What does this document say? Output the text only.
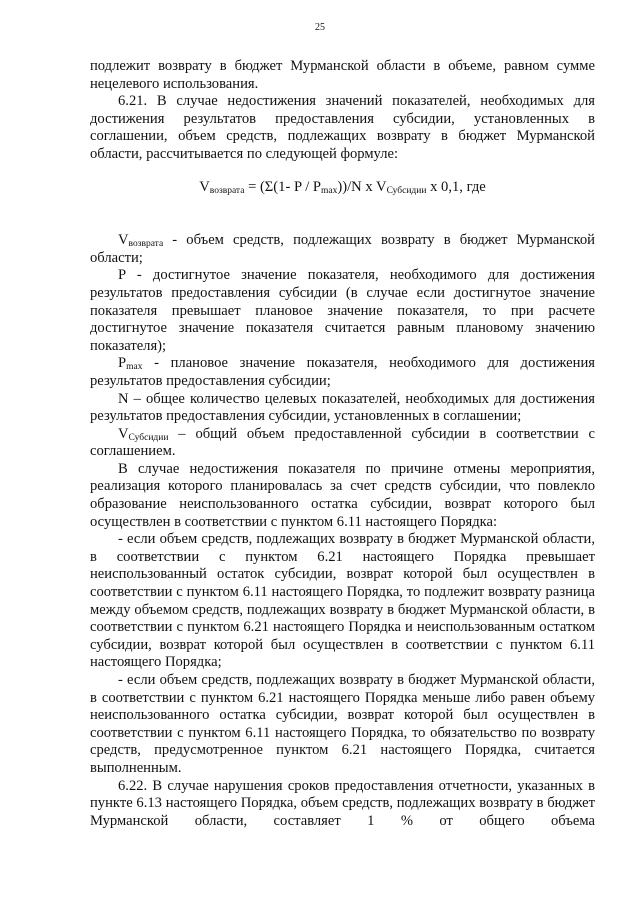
25

подлежит возврату в бюджет Мурманской области в объеме, равном сумме нецелевого использования.

6.21. В случае недостижения значений показателей, необходимых для достижения результатов предоставления субсидии, установленных в соглашении, объем средств, подлежащих возврату в бюджет Мурманской области, рассчитывается по следующей формуле:

$V_{возврата} = (\Sigma(1-$ P / $P_{max}))/N$ x $V_{Субсидии}$ x 0,1, где

$V_{возврата}$ - объем средств, подлежащих возврату в бюджет Мурманской области;

P - достигнутое значение показателя, необходимого для достижения результатов предоставления субсидии (в случае если достигнутое значение показателя превышает плановое значение показателя, то при расчете достигнутое значение показателя считается равным плановому значению показателя);

$P_{max}$ - плановое значение показателя, необходимого для достижения результатов предоставления субсидии;

N – общее количество целевых показателей, необходимых для достижения результатов предоставления субсидии, установленных в соглашении;

$V_{Субсидии}$ – общий объем предоставленной субсидии в соответствии с соглашением.

В случае недостижения показателя по причине отмены мероприятия, реализация которого планировалась за счет средств субсидии, что повлекло образование неиспользованного остатка субсидии, возврат которого был осуществлен в соответствии с пунктом 6.11 настоящего Порядка:

- если объем средств, подлежащих возврату в бюджет Мурманской области, в соответствии с пунктом 6.21 настоящего Порядка превышает неиспользованный остаток субсидии, возврат которой был осуществлен в соответствии с пунктом 6.11 настоящего Порядка, то подлежит возврату разница между объемом средств, подлежащих возврату в бюджет Мурманской области, в соответствии с пунктом 6.21 настоящего Порядка и неиспользованным остатком субсидии, возврат которой был осуществлен в соответствии с пунктом 6.11 настоящего Порядка;

- если объем средств, подлежащих возврату в бюджет Мурманской области, в соответствии с пунктом 6.21 настоящего Порядка меньше либо равен объему неиспользованного остатка субсидии, возврат которой был осуществлен в соответствии с пунктом 6.11 настоящего Порядка, то обязательство по возврату средств, предусмотренное пунктом 6.21 настоящего Порядка, считается выполненным.

6.22. В случае нарушения сроков предоставления отчетности, указанных в пункте 6.13 настоящего Порядка, объем средств, подлежащих возврату в бюджет Мурманской области, составляет 1 % от общего объема
